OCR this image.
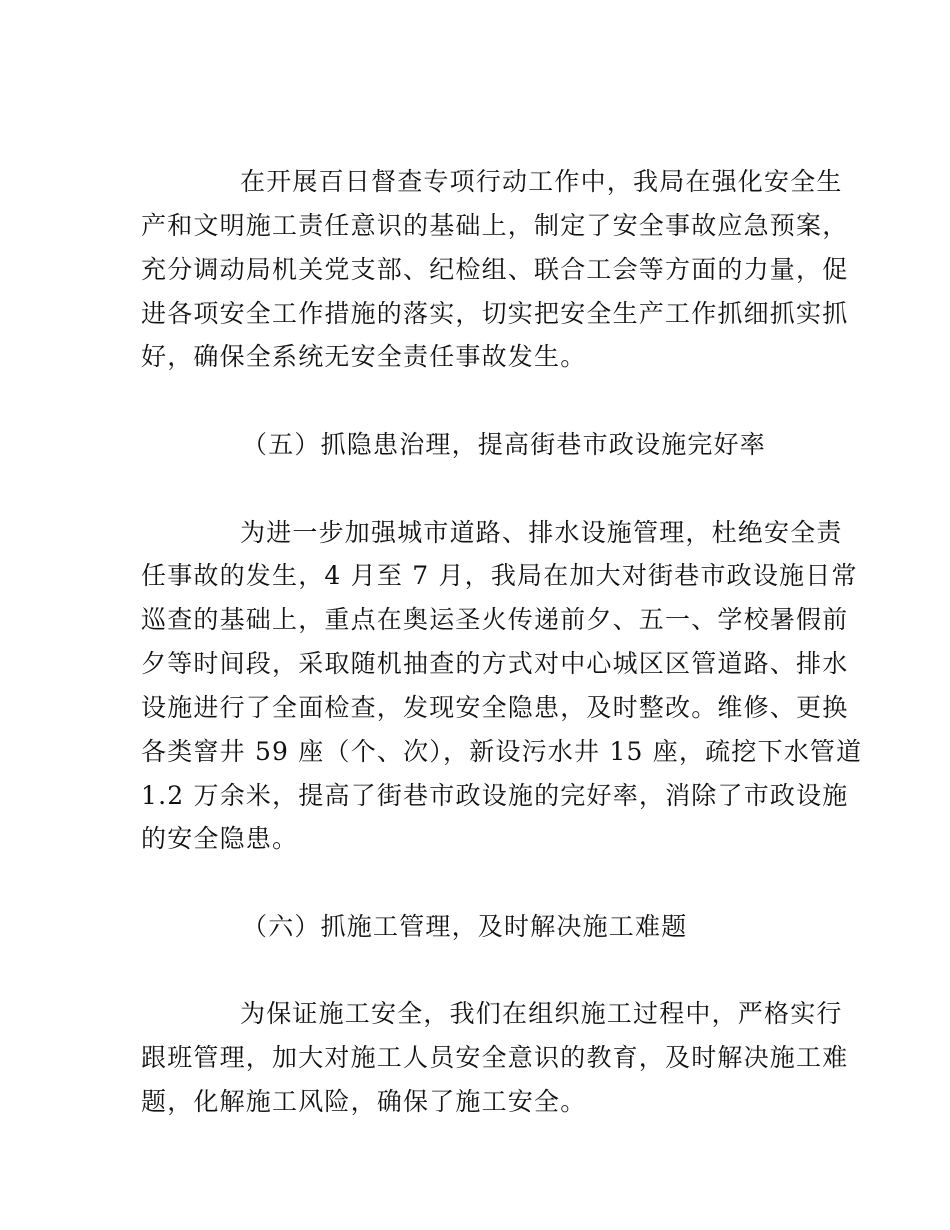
在开展百日督查专项行动工作中，我局在强化安全生
产和文明施工责任意识的基础上，制定了安全事故应急预案，
充分调动局机关党支部、纪检组、联合工会等方面的力量，促
进各项安全工作措施的落实，切实把安全生产工作抓细抓实抓
好，确保全系统无安全责任事故发生。
（五）抓隐患治理，提高街巷市政设施完好率
为进一步加强城市道路、排水设施管理，杜绝安全责
任事故的发生，4 月至 7 月，我局在加大对街巷市政设施日常
巡查的基础上，重点在奥运圣火传递前夕、五一、学校暑假前
夕等时间段，采取随机抽查的方式对中心城区区管道路、排水
设施进行了全面检查，发现安全隐患，及时整改。维修、更换
各类窨井 59 座（个、次），新设污水井 15 座，疏挖下水管道
1.2 万余米，提高了街巷市政设施的完好率，消除了市政设施
的安全隐患。
（六）抓施工管理，及时解决施工难题
为保证施工安全，我们在组织施工过程中，严格实行
跟班管理，加大对施工人员安全意识的教育，及时解决施工难
题，化解施工风险，确保了施工安全。
